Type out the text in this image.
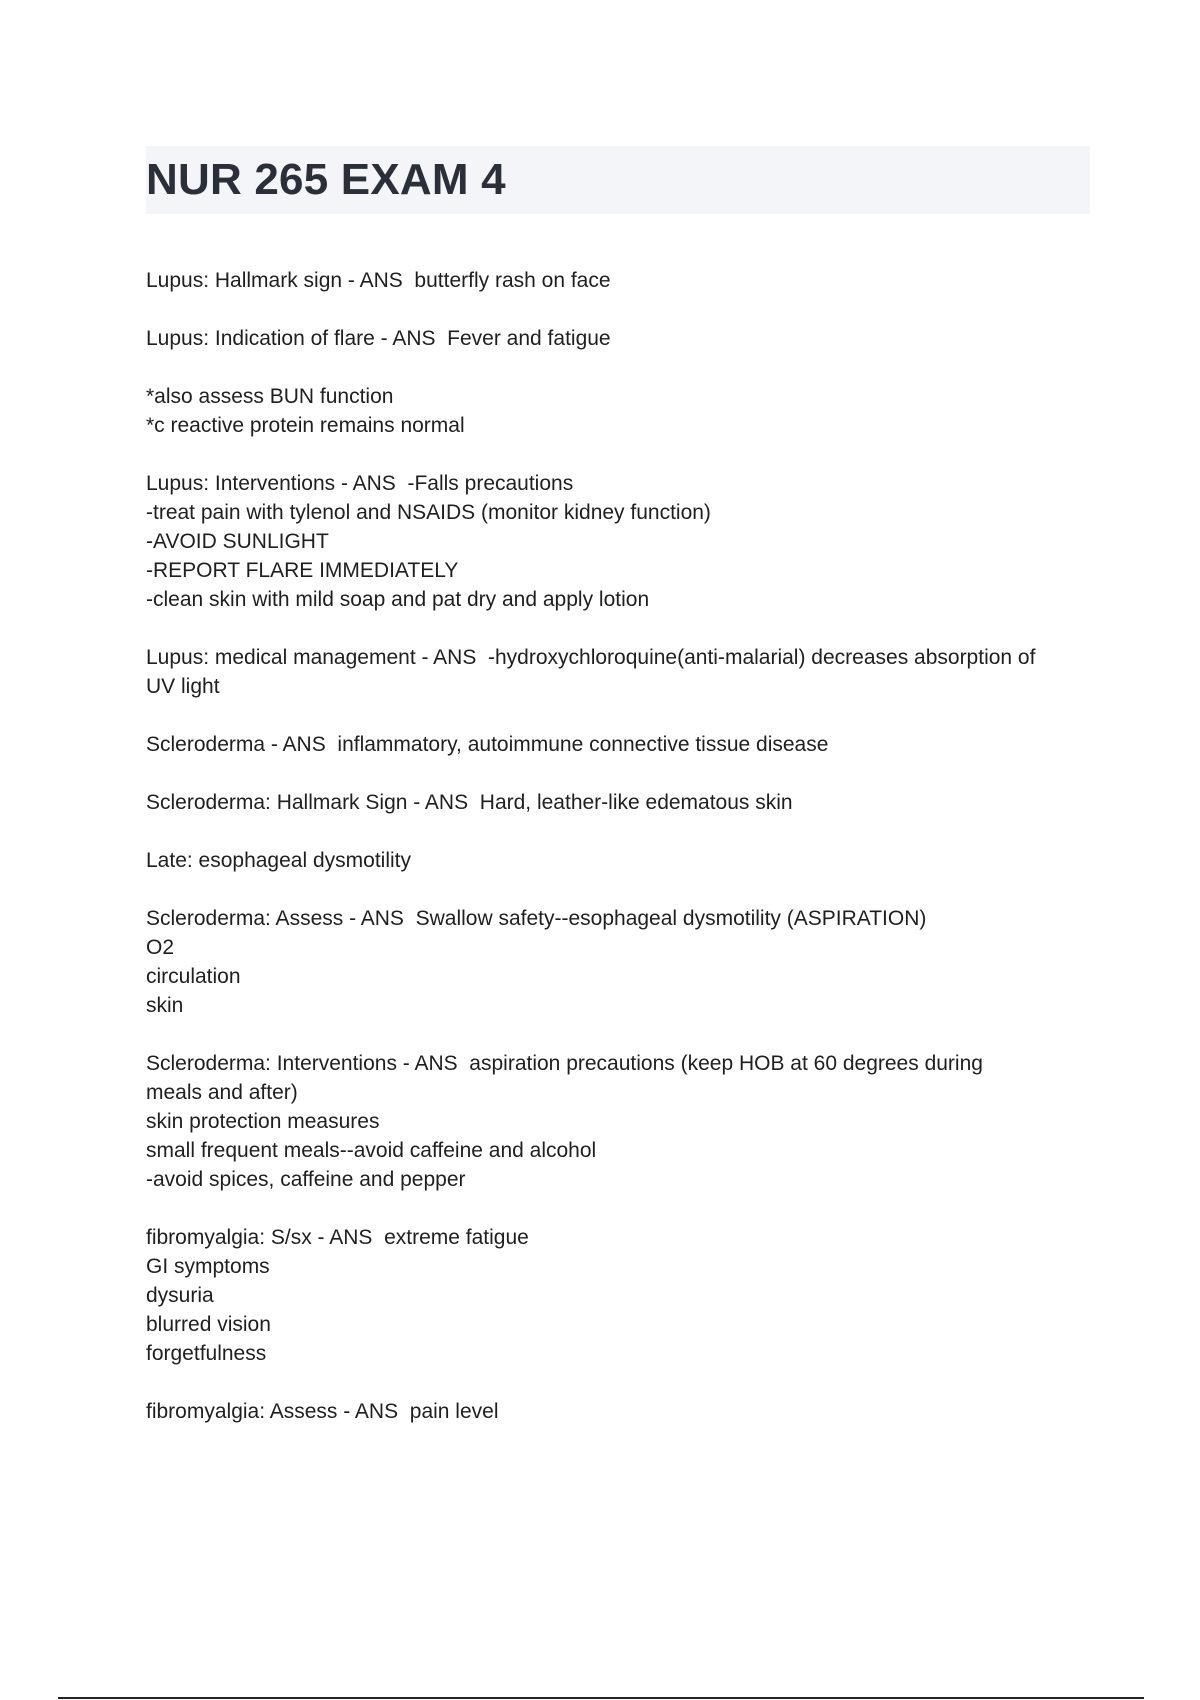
NUR 265 EXAM 4
Lupus: Hallmark sign - ANS  butterfly rash on face
Lupus: Indication of flare - ANS  Fever and fatigue
*also assess BUN function
*c reactive protein remains normal
Lupus: Interventions - ANS  -Falls precautions
-treat pain with tylenol and NSAIDS (monitor kidney function)
-AVOID SUNLIGHT
-REPORT FLARE IMMEDIATELY
-clean skin with mild soap and pat dry and apply lotion
Lupus: medical management - ANS  -hydroxychloroquine(anti-malarial) decreases absorption of
UV light
Scleroderma - ANS  inflammatory, autoimmune connective tissue disease
Scleroderma: Hallmark Sign - ANS  Hard, leather-like edematous skin
Late: esophageal dysmotility
Scleroderma: Assess - ANS  Swallow safety--esophageal dysmotility (ASPIRATION)
O2
circulation
skin
Scleroderma: Interventions - ANS  aspiration precautions (keep HOB at 60 degrees during
meals and after)
skin protection measures
small frequent meals--avoid caffeine and alcohol
-avoid spices, caffeine and pepper
fibromyalgia: S/sx - ANS  extreme fatigue
GI symptoms
dysuria
blurred vision
forgetfulness
fibromyalgia: Assess - ANS  pain level
